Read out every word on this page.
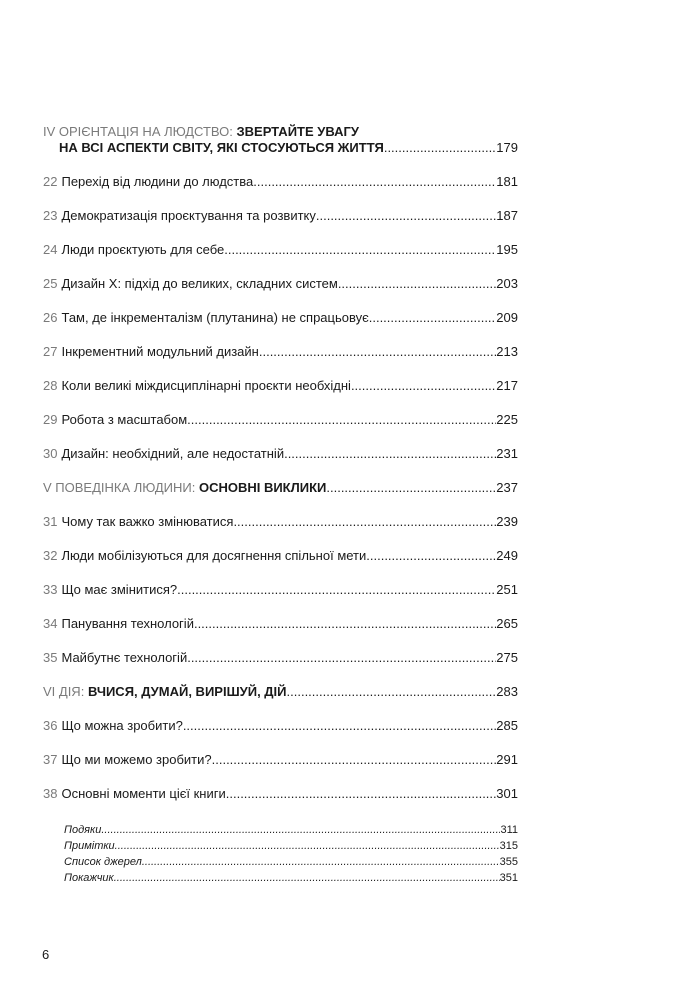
IV ОРІЄНТАЦІЯ НА ЛЮДСТВО:
ЗВЕРТАЙТЕ УВАГУ
НА ВСІ АСПЕКТИ СВІТУ, ЯКІ СТОСУЮТЬСЯ ЖИТТЯ .....	179
22 Перехід від людини до людства .....	181
23 Демократизація проєктування та розвитку .....	187
24 Люди проєктують для себе .....	195
25 Дизайн X: підхід до великих, складних систем .....	203
26 Там, де інкременталізм (плутанина) не спрацьовує .....	209
27 Інкрементний модульний дизайн .....	213
28 Коли великі міждисциплінарні проєкти необхідні .....	217
29 Робота з масштабом .....	225
30 Дизайн: необхідний, але недостатній .....	231
V ПОВЕДІНКА ЛЮДИНИ: ОСНОВНІ ВИКЛИКИ .....	237
31 Чому так важко змінюватися .....	239
32 Люди мобілізуються для досягнення спільної мети .....	249
33 Що має змінитися? .....	251
34 Панування технологій .....	265
35 Майбутнє технологій .....	275
VI ДІЯ: ВЧИСЯ, ДУМАЙ, ВИРІШУЙ, ДІЙ .....	283
36 Що можна зробити? .....	285
37 Що ми можемо зробити? .....	291
38 Основні моменти цієї книги .....	301
Подяки .....	311
Примітки .....	315
Список джерел .....	355
Покажчик .....	351
6
